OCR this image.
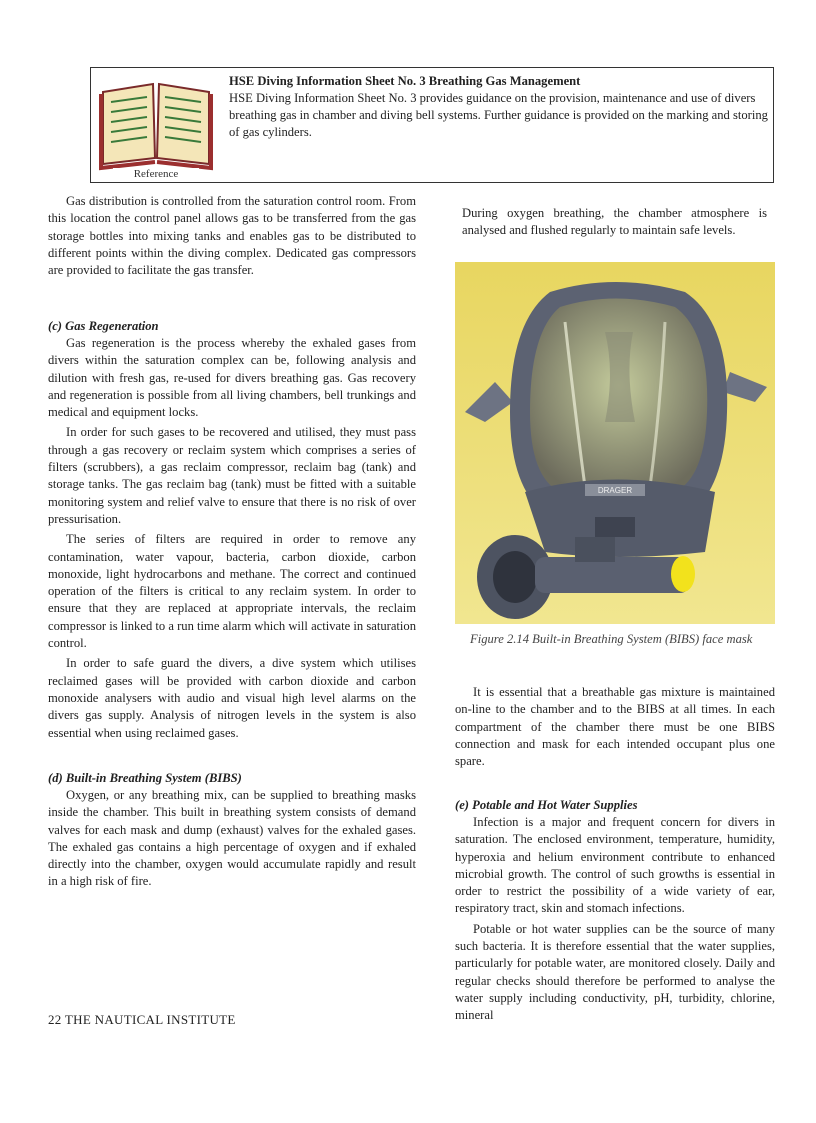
Reference
HSE Diving Information Sheet No. 3 Breathing Gas Management
HSE Diving Information Sheet No. 3 provides guidance on the provision, maintenance and use of divers breathing gas in chamber and diving bell systems. Further guidance is provided on the marking and storing of gas cylinders.

Gas distribution is controlled from the saturation control room. From this location the control panel allows gas to be transferred from the gas storage bottles into mixing tanks and enables gas to be distributed to different points within the diving complex. Dedicated gas compressors are provided to facilitate the gas transfer.

(c) Gas Regeneration

Gas regeneration is the process whereby the exhaled gases from divers within the saturation complex can be, following analysis and dilution with fresh gas, re-used for divers breathing gas. Gas recovery and regeneration is possible from all living chambers, bell trunkings and medical and equipment locks.

In order for such gases to be recovered and utilised, they must pass through a gas recovery or reclaim system which comprises a series of filters (scrubbers), a gas reclaim compressor, reclaim bag (tank) and storage tanks. The gas reclaim bag (tank) must be fitted with a suitable monitoring system and relief valve to ensure that there is no risk of over pressurisation.

The series of filters are required in order to remove any contamination, water vapour, bacteria, carbon dioxide, carbon monoxide, light hydrocarbons and methane. The correct and continued operation of the filters is critical to any reclaim system. In order to ensure that they are replaced at appropriate intervals, the reclaim compressor is linked to a run time alarm which will activate in saturation control.

In order to safe guard the divers, a dive system which utilises reclaimed gases will be provided with carbon dioxide and carbon monoxide analysers with audio and visual high level alarms on the divers gas supply. Analysis of nitrogen levels in the system is also essential when using reclaimed gases.

(d) Built-in Breathing System (BIBS)

Oxygen, or any breathing mix, can be supplied to breathing masks inside the chamber. This built in breathing system consists of demand valves for each mask and dump (exhaust) valves for the exhaled gases. The exhaled gas contains a high percentage of oxygen and if exhaled directly into the chamber, oxygen would accumulate rapidly and result in a high risk of fire.

22 THE NAUTICAL INSTITUTE

During oxygen breathing, the chamber atmosphere is analysed and flushed regularly to maintain safe levels.

DRAGER
Figure 2.14 Built-in Breathing System (BIBS) face mask

It is essential that a breathable gas mixture is maintained on-line to the chamber and to the BIBS at all times. In each compartment of the chamber there must be one BIBS connection and mask for each intended occupant plus one spare.

(e) Potable and Hot Water Supplies

Infection is a major and frequent concern for divers in saturation. The enclosed environment, temperature, humidity, hyperoxia and helium environment contribute to enhanced microbial growth. The control of such growths is essential in order to restrict the possibility of a wide variety of ear, respiratory tract, skin and stomach infections.

Potable or hot water supplies can be the source of many such bacteria. It is therefore essential that the water supplies, particularly for potable water, are monitored closely. Daily and regular checks should therefore be performed to analyse the water supply including conductivity, pH, turbidity, chlorine, mineral
